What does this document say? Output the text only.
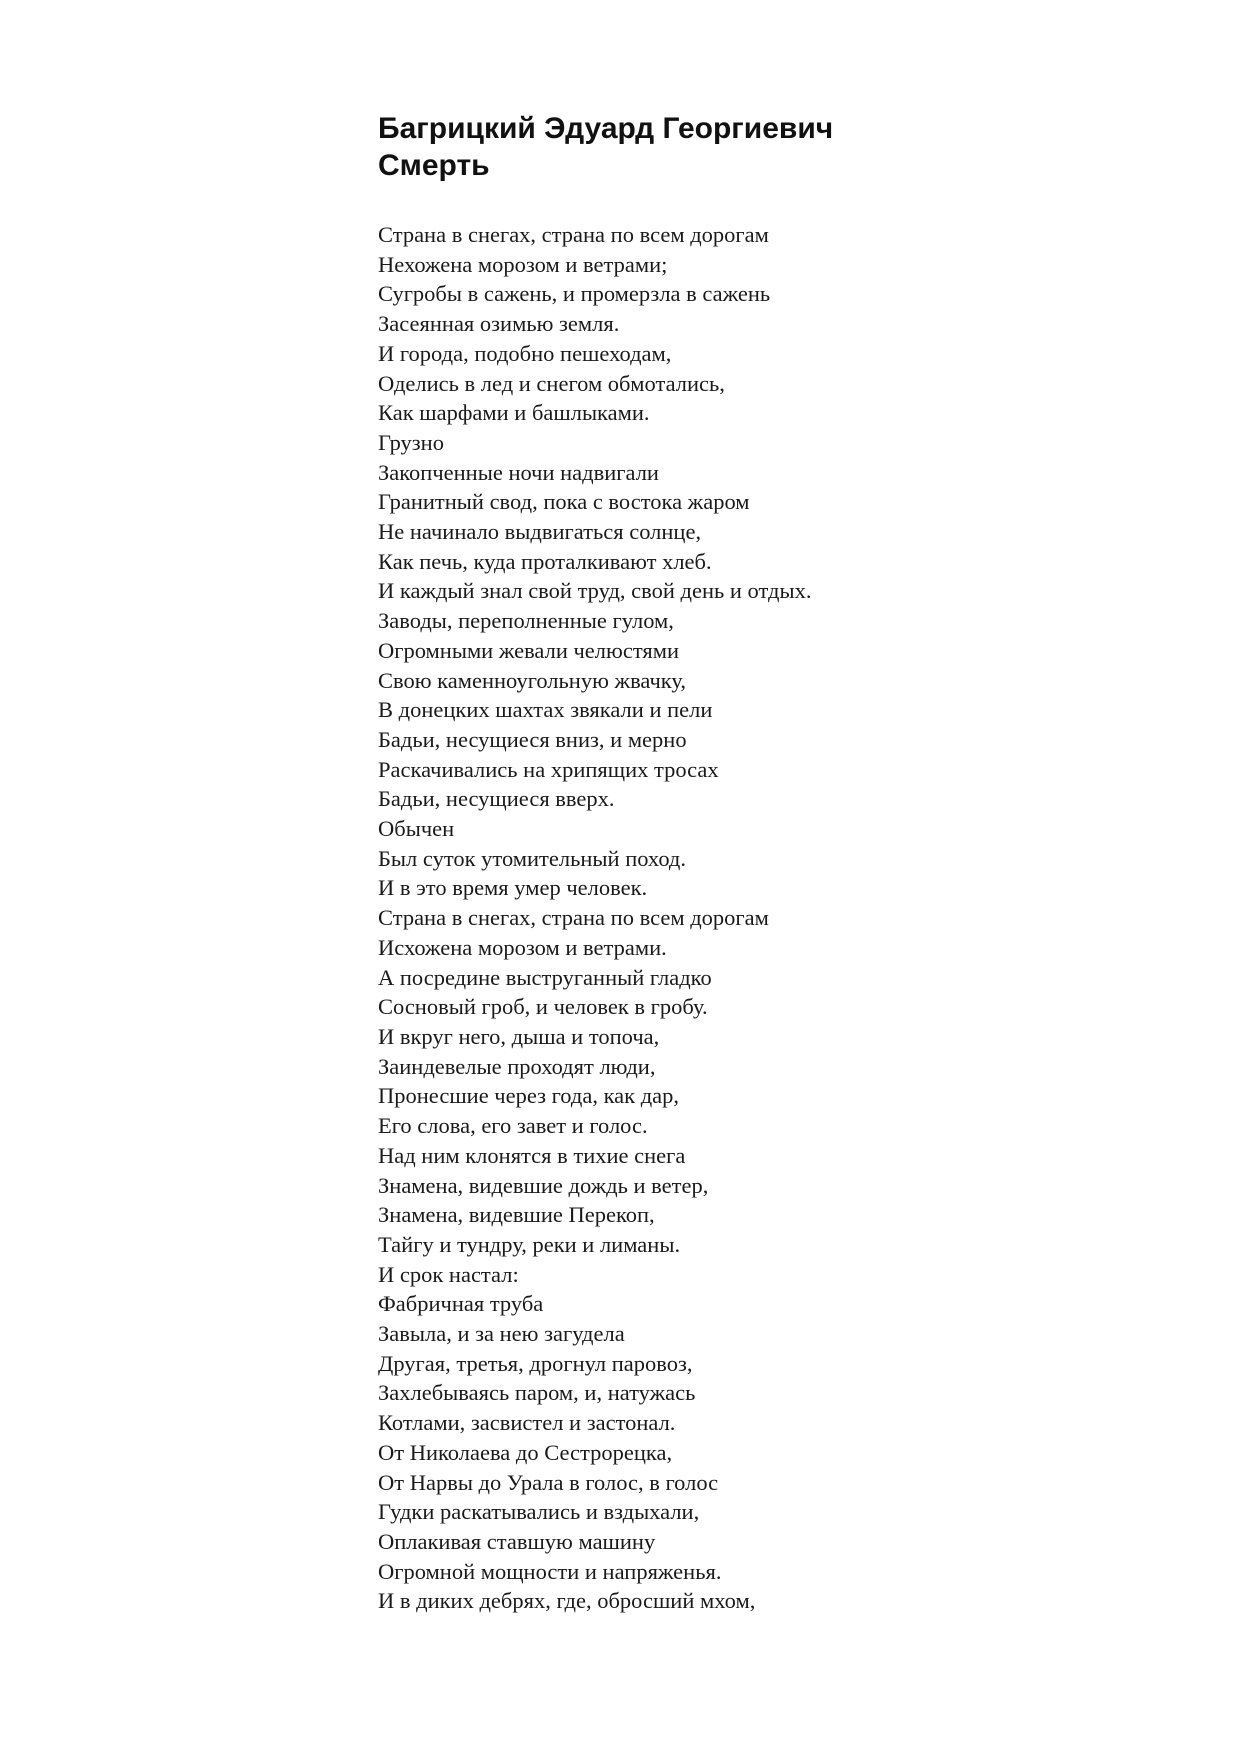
Багрицкий Эдуард Георгиевич
Смерть
Страна в снегах, страна по всем дорогам
Нехожена морозом и ветрами;
Сугробы в сажень, и промерзла в сажень
Засеянная озимью земля.
И города, подобно пешеходам,
Оделись в лед и снегом обмотались,
Как шарфами и башлыками.
Грузно
Закопченные ночи надвигали
Гранитный свод, пока с востока жаром
Не начинало выдвигаться солнце,
Как печь, куда проталкивают хлеб.
И каждый знал свой труд, свой день и отдых.
Заводы, переполненные гулом,
Огромными жевали челюстями
Свою каменноугольную жвачку,
В донецких шахтах звякали и пели
Бадьи, несущиеся вниз, и мерно
Раскачивались на хрипящих тросах
Бадьи, несущиеся вверх.
Обычен
Был суток утомительный поход.
И в это время умер человек.
Страна в снегах, страна по всем дорогам
Исхожена морозом и ветрами.
А посредине выструганный гладко
Сосновый гроб, и человек в гробу.
И вкруг него, дыша и топоча,
Заиндевелые проходят люди,
Пронесшие через года, как дар,
Его слова, его завет и голос.
Над ним клонятся в тихие снега
Знамена, видевшие дождь и ветер,
Знамена, видевшие Перекоп,
Тайгу и тундру, реки и лиманы.
И срок настал:
Фабричная труба
Завыла, и за нею загудела
Другая, третья, дрогнул паровоз,
Захлебываясь паром, и, натужась
Котлами, засвистел и застонал.
От Николаева до Сестрорецка,
От Нарвы до Урала в голос, в голос
Гудки раскатывались и вздыхали,
Оплакивая ставшую машину
Огромной мощности и напряженья.
И в диких дебрях, где, обросший мхом,
